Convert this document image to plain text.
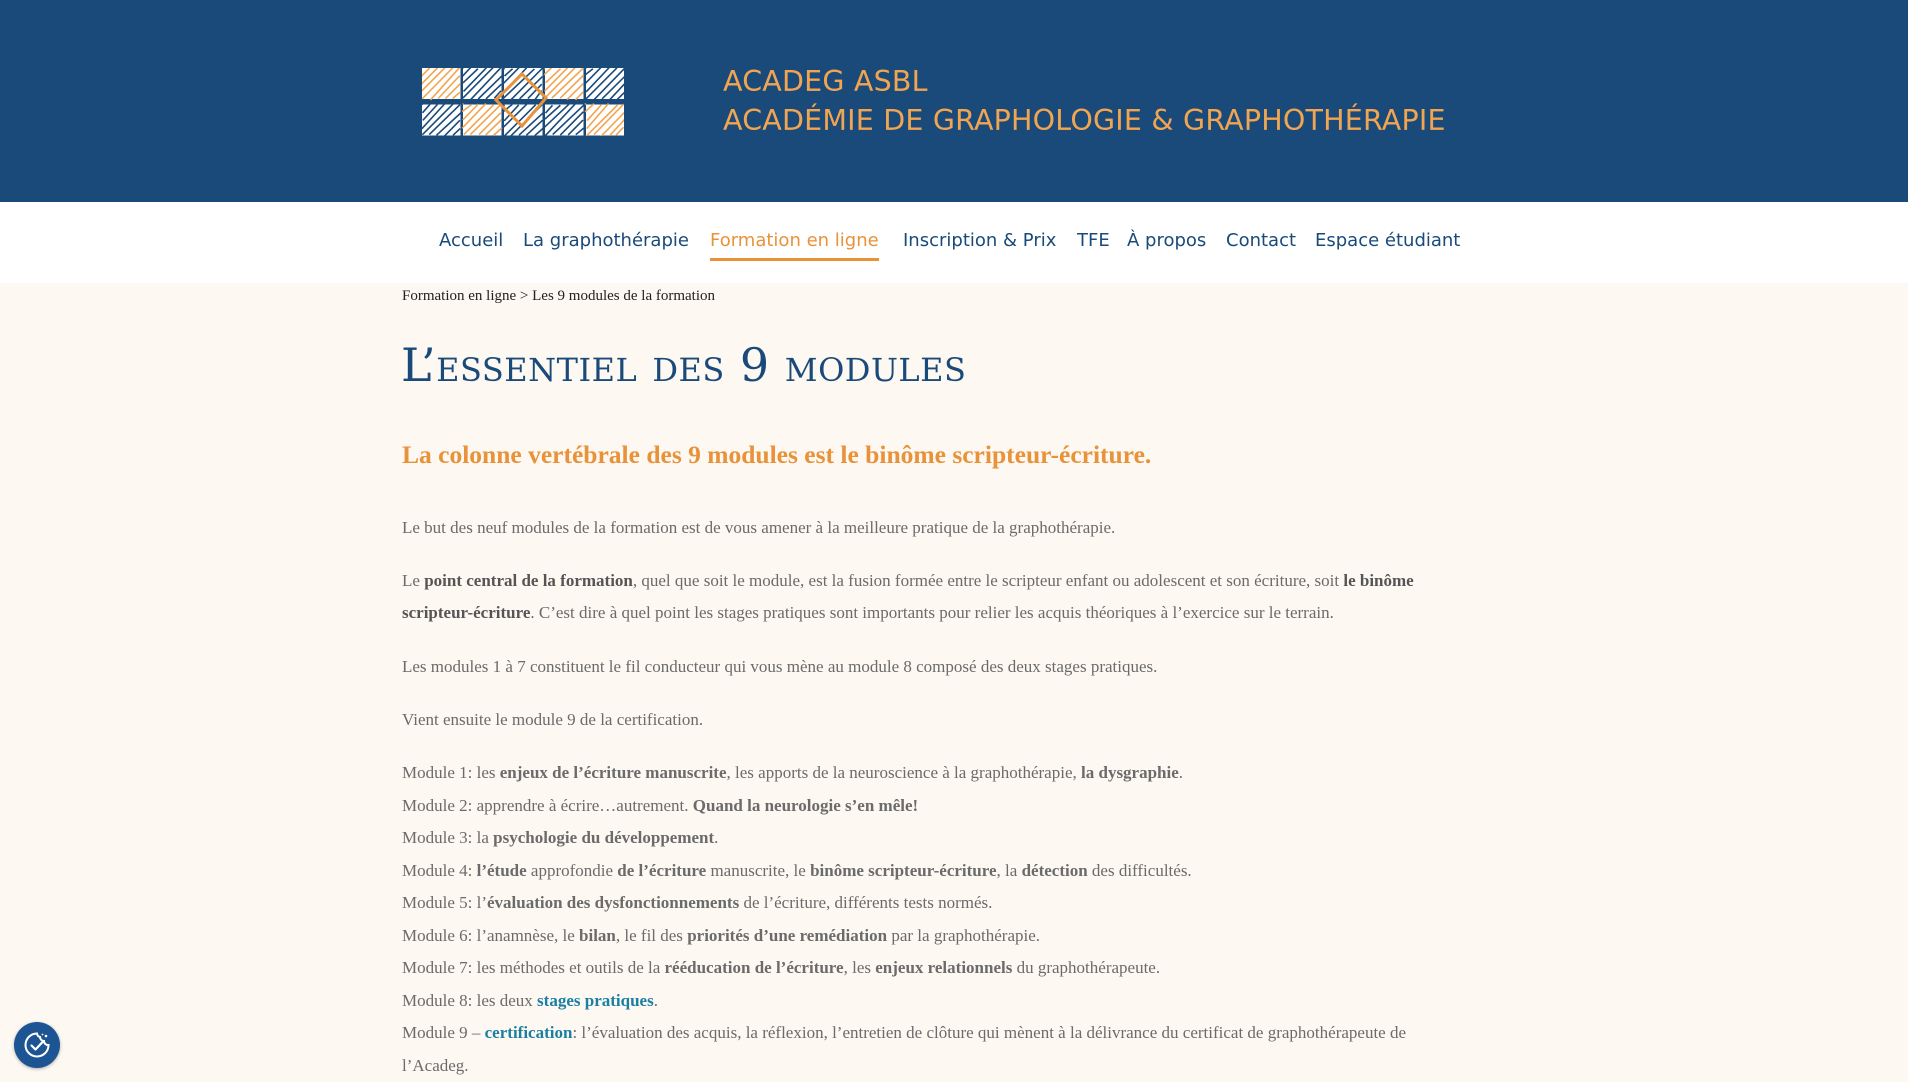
ACADEG ASBL
ACADÉMIE DE GRAPHOLOGIE & GRAPHOTHÉRAPIE
Accueil La graphothérapie Formation en ligne Inscription & Prix TFE À propos Contact Espace étudiant
Formation en ligne > Les 9 modules de la formation
L’essentiel des 9 modules
La colonne vertébrale des 9 modules est le binôme scripteur-écriture.
Le but des neuf modules de la formation est de vous amener à la meilleure pratique de la graphothérapie.
Le point central de la formation, quel que soit le module, est la fusion formée entre le scripteur enfant ou adolescent et son écriture, soit le binôme
scripteur-écriture. C’est dire à quel point les stages pratiques sont importants pour relier les acquis théoriques à l’exercice sur le terrain.
Les modules 1 à 7 constituent le fil conducteur qui vous mène au module 8 composé des deux stages pratiques.
Vient ensuite le module 9 de la certification.
Module 1: les enjeux de l’écriture manuscrite, les apports de la neuroscience à la graphothérapie, la dysgraphie.
Module 2: apprendre à écrire…autrement. Quand la neurologie s’en mêle!
Module 3: la psychologie du développement.
Module 4: l’étude approfondie de l’écriture manuscrite, le binôme scripteur-écriture, la détection des difficultés.
Module 5: l’évaluation des dysfonctionnements de l’écriture, différents tests normés.
Module 6: l’anamnèse, le bilan, le fil des priorités d’une remédiation par la graphothérapie.
Module 7: les méthodes et outils de la rééducation de l’écriture, les enjeux relationnels du graphothérapeute.
Module 8: les deux stages pratiques.
Module 9 – certification: l’évaluation des acquis, la réflexion, l’entretien de clôture qui mènent à la délivrance du certificat de graphothérapeute de
l’Acadeg.
